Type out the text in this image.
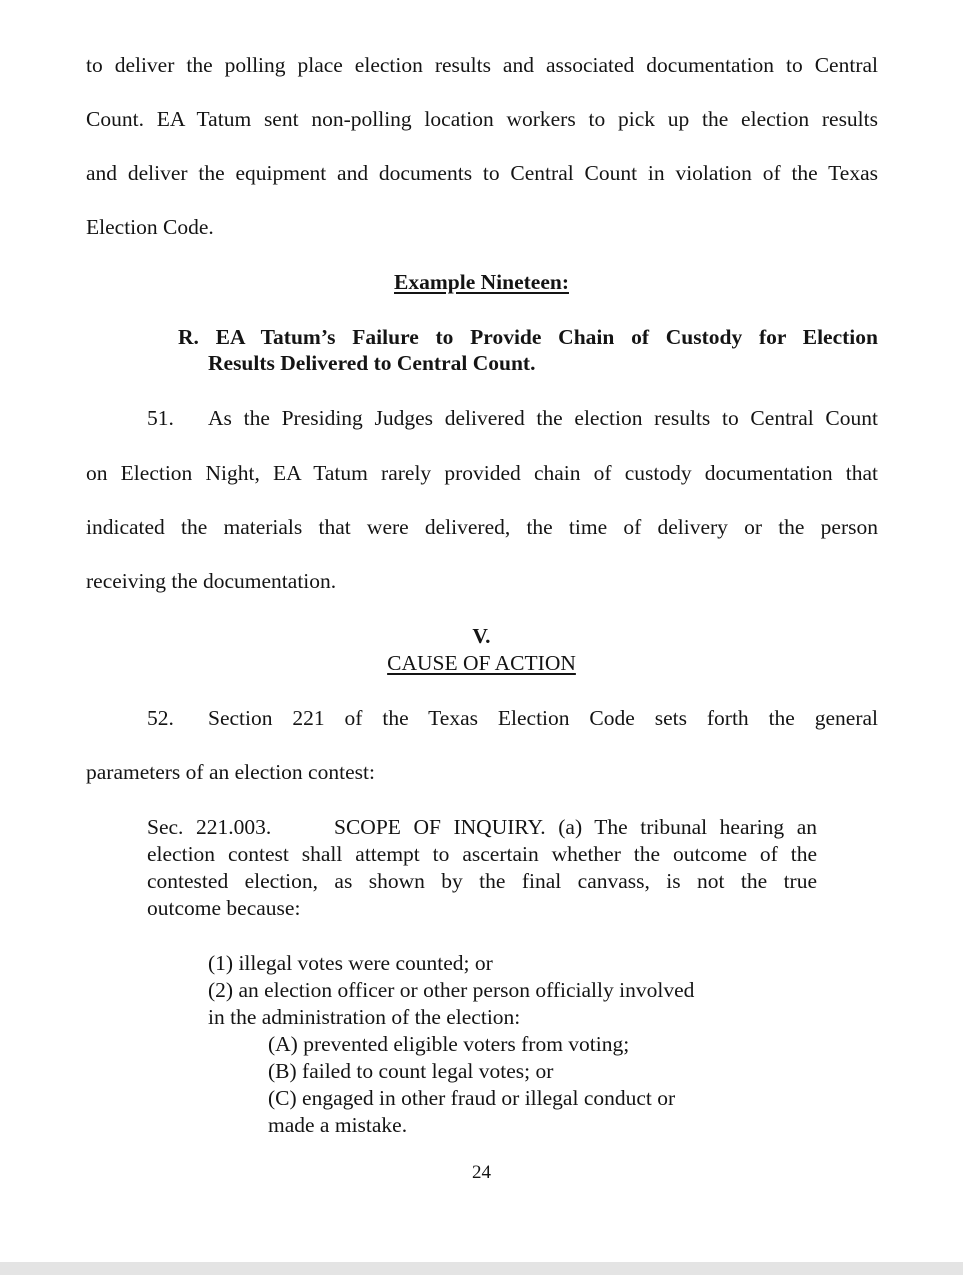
to deliver the polling place election results and associated documentation to Central
Count. EA Tatum sent non-polling location workers to pick up the election results
and deliver the equipment and documents to Central Count in violation of the Texas
Election Code.
Example Nineteen:
R. EA Tatum’s Failure to Provide Chain of Custody for Election
Results Delivered to Central Count.
51. As the Presiding Judges delivered the election results to Central Count
on Election Night, EA Tatum rarely provided chain of custody documentation that
indicated the materials that were delivered, the time of delivery or the person
receiving the documentation.
V.
CAUSE OF ACTION
52. Section 221 of the Texas Election Code sets forth the general
parameters of an election contest:
Sec. 221.003.     SCOPE OF INQUIRY. (a) The tribunal hearing an
election contest shall attempt to ascertain whether the outcome of the
contested election, as shown by the final canvass, is not the true
outcome because:
(1) illegal votes were counted; or
(2) an election officer or other person officially involved
in the administration of the election:
(A) prevented eligible voters from voting;
(B) failed to count legal votes; or
(C) engaged in other fraud or illegal conduct or
made a mistake.
24
